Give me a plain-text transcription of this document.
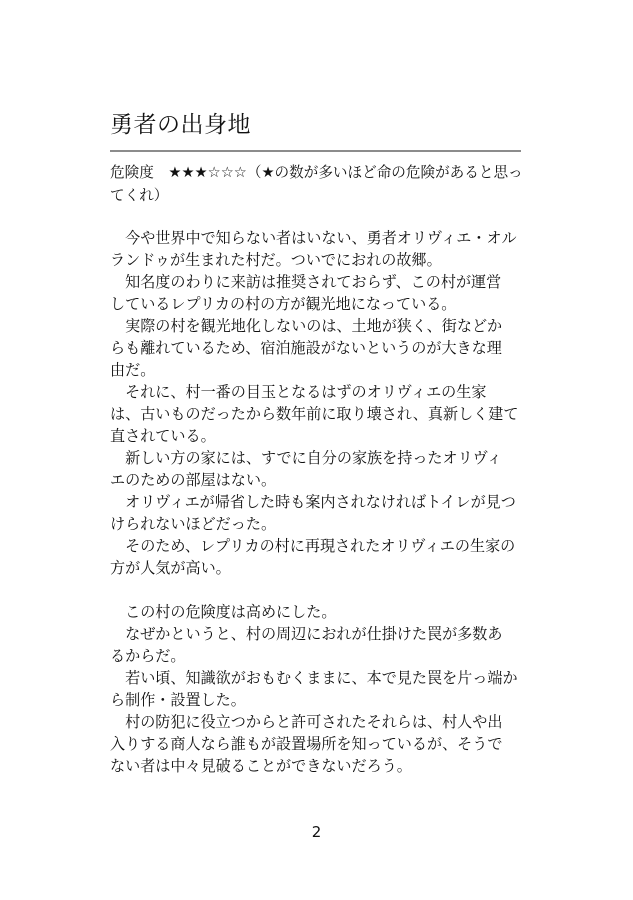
勇者の出身地
危険度　★★★☆☆☆（★の数が多いほど命の危険があると思っ
てくれ）
今や世界中で知らない者はいない、勇者オリヴィエ・オル
ランドゥが生まれた村だ。ついでにおれの故郷。
知名度のわりに来訪は推奨されておらず、この村が運営
しているレプリカの村の方が観光地になっている。
実際の村を観光地化しないのは、土地が狭く、街などか
らも離れているため、宿泊施設がないというのが大きな理
由だ。
それに、村一番の目玉となるはずのオリヴィエの生家
は、古いものだったから数年前に取り壊され、真新しく建て
直されている。
新しい方の家には、すでに自分の家族を持ったオリヴィ
エのための部屋はない。
オリヴィエが帰省した時も案内されなければトイレが見つ
けられないほどだった。
そのため、レプリカの村に再現されたオリヴィエの生家の
方が人気が高い。
この村の危険度は高めにした。
なぜかというと、村の周辺におれが仕掛けた罠が多数あ
るからだ。
若い頃、知識欲がおもむくままに、本で見た罠を片っ端か
ら制作・設置した。
村の防犯に役立つからと許可されたそれらは、村人や出
入りする商人なら誰もが設置場所を知っているが、そうで
ない者は中々見破ることができないだろう。
2
